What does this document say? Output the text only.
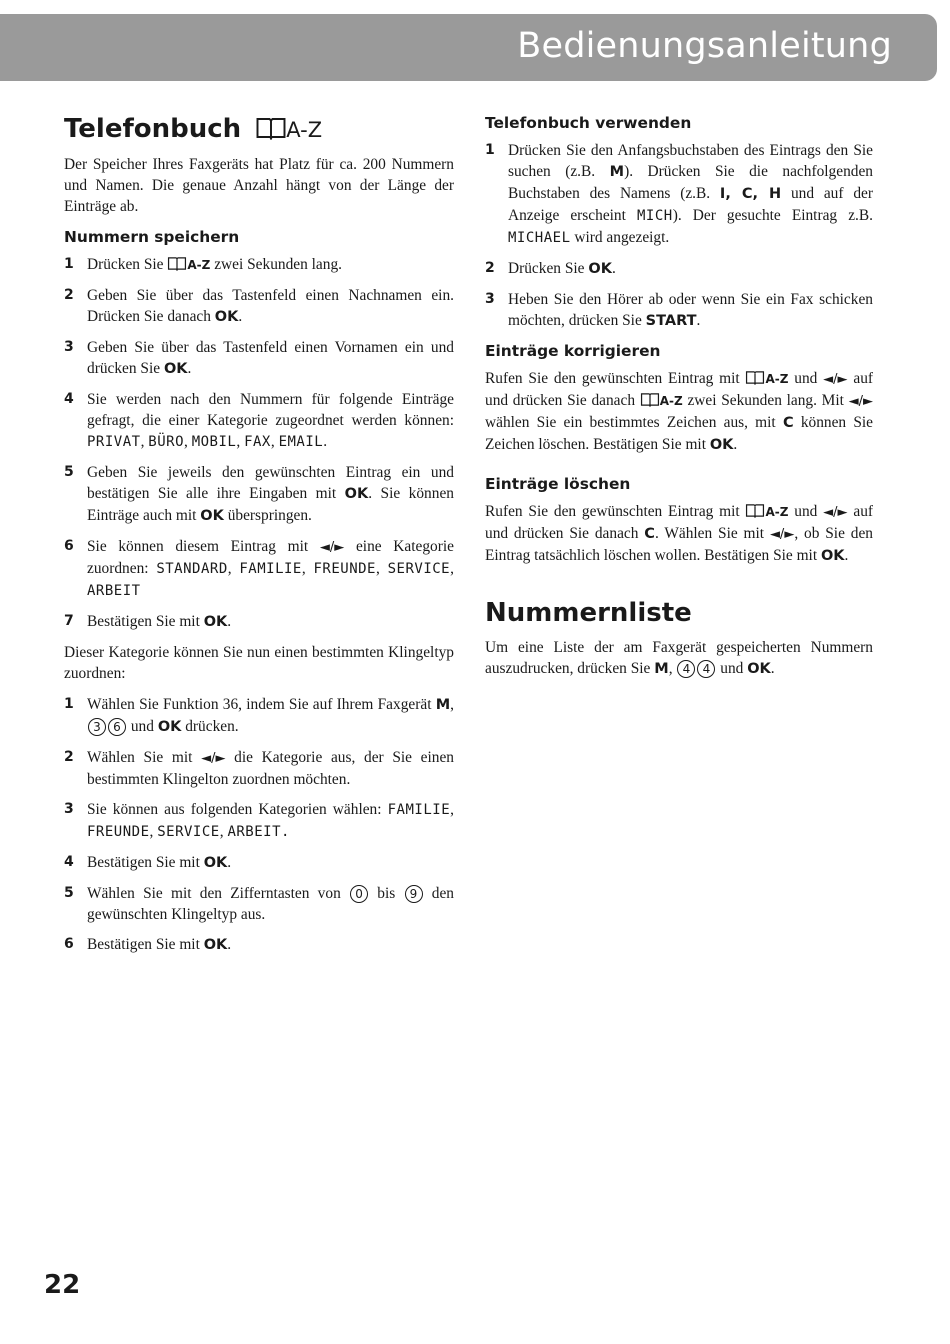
Bedienungsanleitung
Telefonbuch A-Z

Der Speicher Ihres Faxgeräts hat Platz für ca. 200 Nummern und Namen. Die genaue Anzahl hängt von der Länge der Einträge ab.

Nummern speichern
1 Drücken Sie A-Z zwei Sekunden lang.
2 Geben Sie über das Tastenfeld einen Nachnamen ein. Drücken Sie danach OK.
3 Geben Sie über das Tastenfeld einen Vornamen ein und drücken Sie OK.
4 Sie werden nach den Nummern für folgende Einträge gefragt, die einer Kategorie zugeordnet werden können: PRIVAT, BÜRO, MOBIL, FAX, EMAIL.
5 Geben Sie jeweils den gewünschten Eintrag ein und bestätigen Sie alle ihre Eingaben mit OK. Sie können Einträge auch mit OK überspringen.
6 Sie können diesem Eintrag mit ◄/► eine Kategorie zuordnen: STANDARD, FAMILIE, FREUNDE, SERVICE, ARBEIT
7 Bestätigen Sie mit OK.

Dieser Kategorie können Sie nun einen bestimmten Klingeltyp zuordnen:

1 Wählen Sie Funktion 36, indem Sie auf Ihrem Faxgerät M, 3 6 und OK drücken.
2 Wählen Sie mit ◄/► die Kategorie aus, der Sie einen bestimmten Klingelton zuordnen möchten.
3 Sie können aus folgenden Kategorien wählen: FAMILIE, FREUNDE, SERVICE, ARBEIT.
4 Bestätigen Sie mit OK.
5 Wählen Sie mit den Zifferntasten von 0 bis 9 den gewünschten Klingeltyp aus.
6 Bestätigen Sie mit OK.
Telefonbuch verwenden
1 Drücken Sie den Anfangsbuchstaben des Eintrags den Sie suchen (z.B. M). Drücken Sie die nachfolgenden Buchstaben des Namens (z.B. I, C, H und auf der Anzeige erscheint MICH). Der gesuchte Eintrag z.B. MICHAEL wird angezeigt.
2 Drücken Sie OK.
3 Heben Sie den Hörer ab oder wenn Sie ein Fax schicken möchten, drücken Sie START.
Einträge korrigieren

Rufen Sie den gewünschten Eintrag mit A-Z und ◄/► auf und drücken Sie danach A-Z zwei Sekunden lang. Mit ◄/► wählen Sie ein bestimmtes Zeichen aus, mit C können Sie Zeichen löschen. Bestätigen Sie mit OK.

Einträge löschen

Rufen Sie den gewünschten Eintrag mit A-Z und ◄/► auf und drücken Sie danach C. Wählen Sie mit ◄/►, ob Sie den Eintrag tatsächlich löschen wollen. Bestätigen Sie mit OK.

Nummernliste

Um eine Liste der am Faxgerät gespeicherten Nummern auszudrucken, drücken Sie M, 4 4 und OK.

22
